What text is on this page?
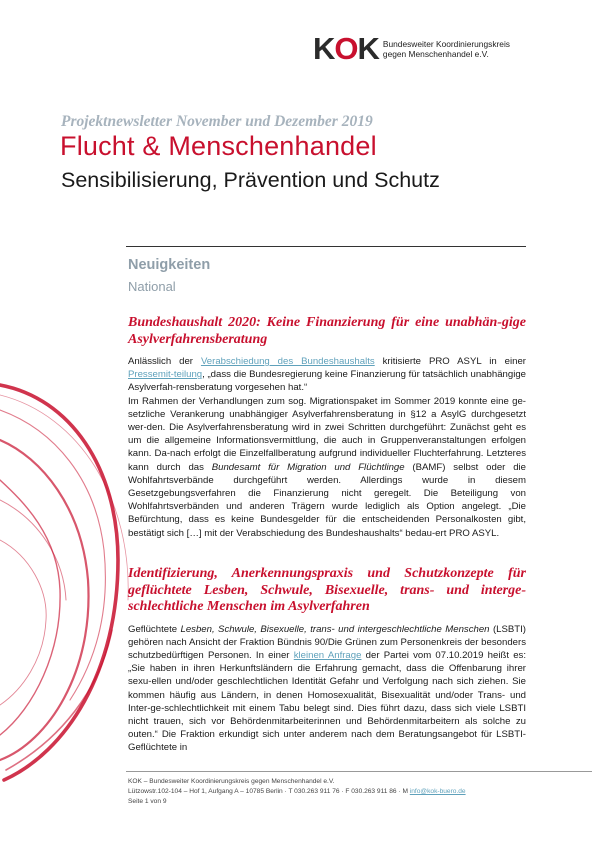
KOK Bundesweiter Koordinierungskreis
gegen Menschenhandel e.V.
Projektnewsletter November und Dezember 2019
Flucht & Menschenhandel
Sensibilisierung, Prävention und Schutz
Neuigkeiten
National
Bundeshaushalt 2020: Keine Finanzierung für eine unabhän-gige Asylverfahrensberatung

Anlässlich der Verabschiedung des Bundeshaushalts kritisierte PRO ASYL in einer Pressemit-teilung, „dass die Bundesregierung keine Finanzierung für tatsächlich unabhängige Asylverfah-rensberatung vorgesehen hat.“

Im Rahmen der Verhandlungen zum sog. Migrationspaket im Sommer 2019 konnte eine ge-setzliche Verankerung unabhängiger Asylverfahrensberatung in §12 a AsylG durchgesetzt wer-den. Die Asylverfahrensberatung wird in zwei Schritten durchgeführt: Zunächst geht es um die allgemeine Informationsvermittlung, die auch in Gruppenveranstaltungen erfolgen kann. Da-nach erfolgt die Einzelfallberatung aufgrund individueller Fluchterfahrung. Letzteres kann durch das Bundesamt für Migration und Flüchtlinge (BAMF) selbst oder die Wohlfahrtsverbände durchgeführt werden. Allerdings wurde in diesem Gesetzgebungsverfahren die Finanzierung nicht geregelt. Die Beteiligung von Wohlfahrtsverbänden und anderen Trägern wurde lediglich als Option angelegt. „Die Befürchtung, dass es keine Bundesgelder für die entscheidenden Personalkosten gibt, bestätigt sich […] mit der Verabschiedung des Bundeshaushalts“ bedau-ert PRO ASYL.

Identifizierung, Anerkennungspraxis und Schutzkonzepte für geflüchtete Lesben, Schwule, Bisexuelle, trans- und interge-schlechtliche Menschen im Asylverfahren

Geflüchtete Lesben, Schwule, Bisexuelle, trans- und intergeschlechtliche Menschen (LSBTI) gehören nach Ansicht der Fraktion Bündnis 90/Die Grünen zum Personenkreis der besonders schutzbedürftigen Personen. In einer kleinen Anfrage der Partei vom 07.10.2019 heißt es: „Sie haben in ihren Herkunftsländern die Erfahrung gemacht, dass die Offenbarung ihrer sexu-ellen und/oder geschlechtlichen Identität Gefahr und Verfolgung nach sich ziehen. Sie kommen häufig aus Ländern, in denen Homosexualität, Bisexualität und/oder Trans- und Inter-ge-schlechtlichkeit mit einem Tabu belegt sind. Dies führt dazu, dass sich viele LSBTI nicht trauen, sich vor Behördenmitarbeiterinnen und Behördenmitarbeitern als solche zu outen.“ Die Fraktion erkundigt sich unter anderem nach dem Beratungsangebot für LSBTI-Geflüchtete in

KOK – Bundesweiter Koordinierungskreis gegen Menschenhandel e.V.
Lützowstr.102-104 – Hof 1, Aufgang A – 10785 Berlin · T 030.263 911 76 · F 030.263 911 86 · M info@kok-buero.de
Seite 1 von 9
